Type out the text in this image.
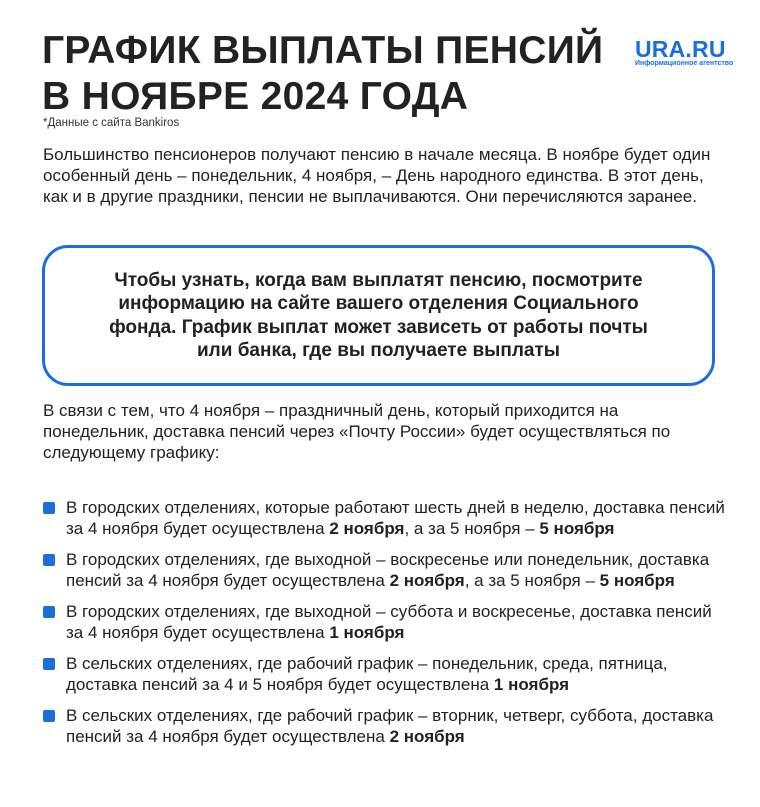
ГРАФИК ВЫПЛАТЫ ПЕНСИЙ
В НОЯБРЕ 2024 ГОДА
URA.RU
Информационное агентство
*Данные с сайта Bankiros
Большинство пенсионеров получают пенсию в начале месяца. В ноябре будет один особенный день – понедельник, 4 ноября, – День народного единства. В этот день, как и в другие праздники, пенсии не выплачиваются. Они перечисляются заранее.
Чтобы узнать, когда вам выплатят пенсию, посмотрите информацию на сайте вашего отделения Социального фонда. График выплат может зависеть от работы почты или банка, где вы получаете выплаты
В связи с тем, что 4 ноября – праздничный день, который приходится на понедельник, доставка пенсий через «Почту России» будет осуществляться по следующему графику:
В городских отделениях, которые работают шесть дней в неделю, доставка пенсий за 4 ноября будет осуществлена 2 ноября, а за 5 ноября – 5 ноября
В городских отделениях, где выходной – воскресенье или понедельник, доставка пенсий за 4 ноября будет осуществлена 2 ноября, а за 5 ноября – 5 ноября
В городских отделениях, где выходной – суббота и воскресенье, доставка пенсий за 4 ноября будет осуществлена 1 ноября
В сельских отделениях, где рабочий график – понедельник, среда, пятница, доставка пенсий за 4 и 5 ноября будет осуществлена 1 ноября
В сельских отделениях, где рабочий график – вторник, четверг, суббота, доставка пенсий за 4 ноября будет осуществлена 2 ноября
